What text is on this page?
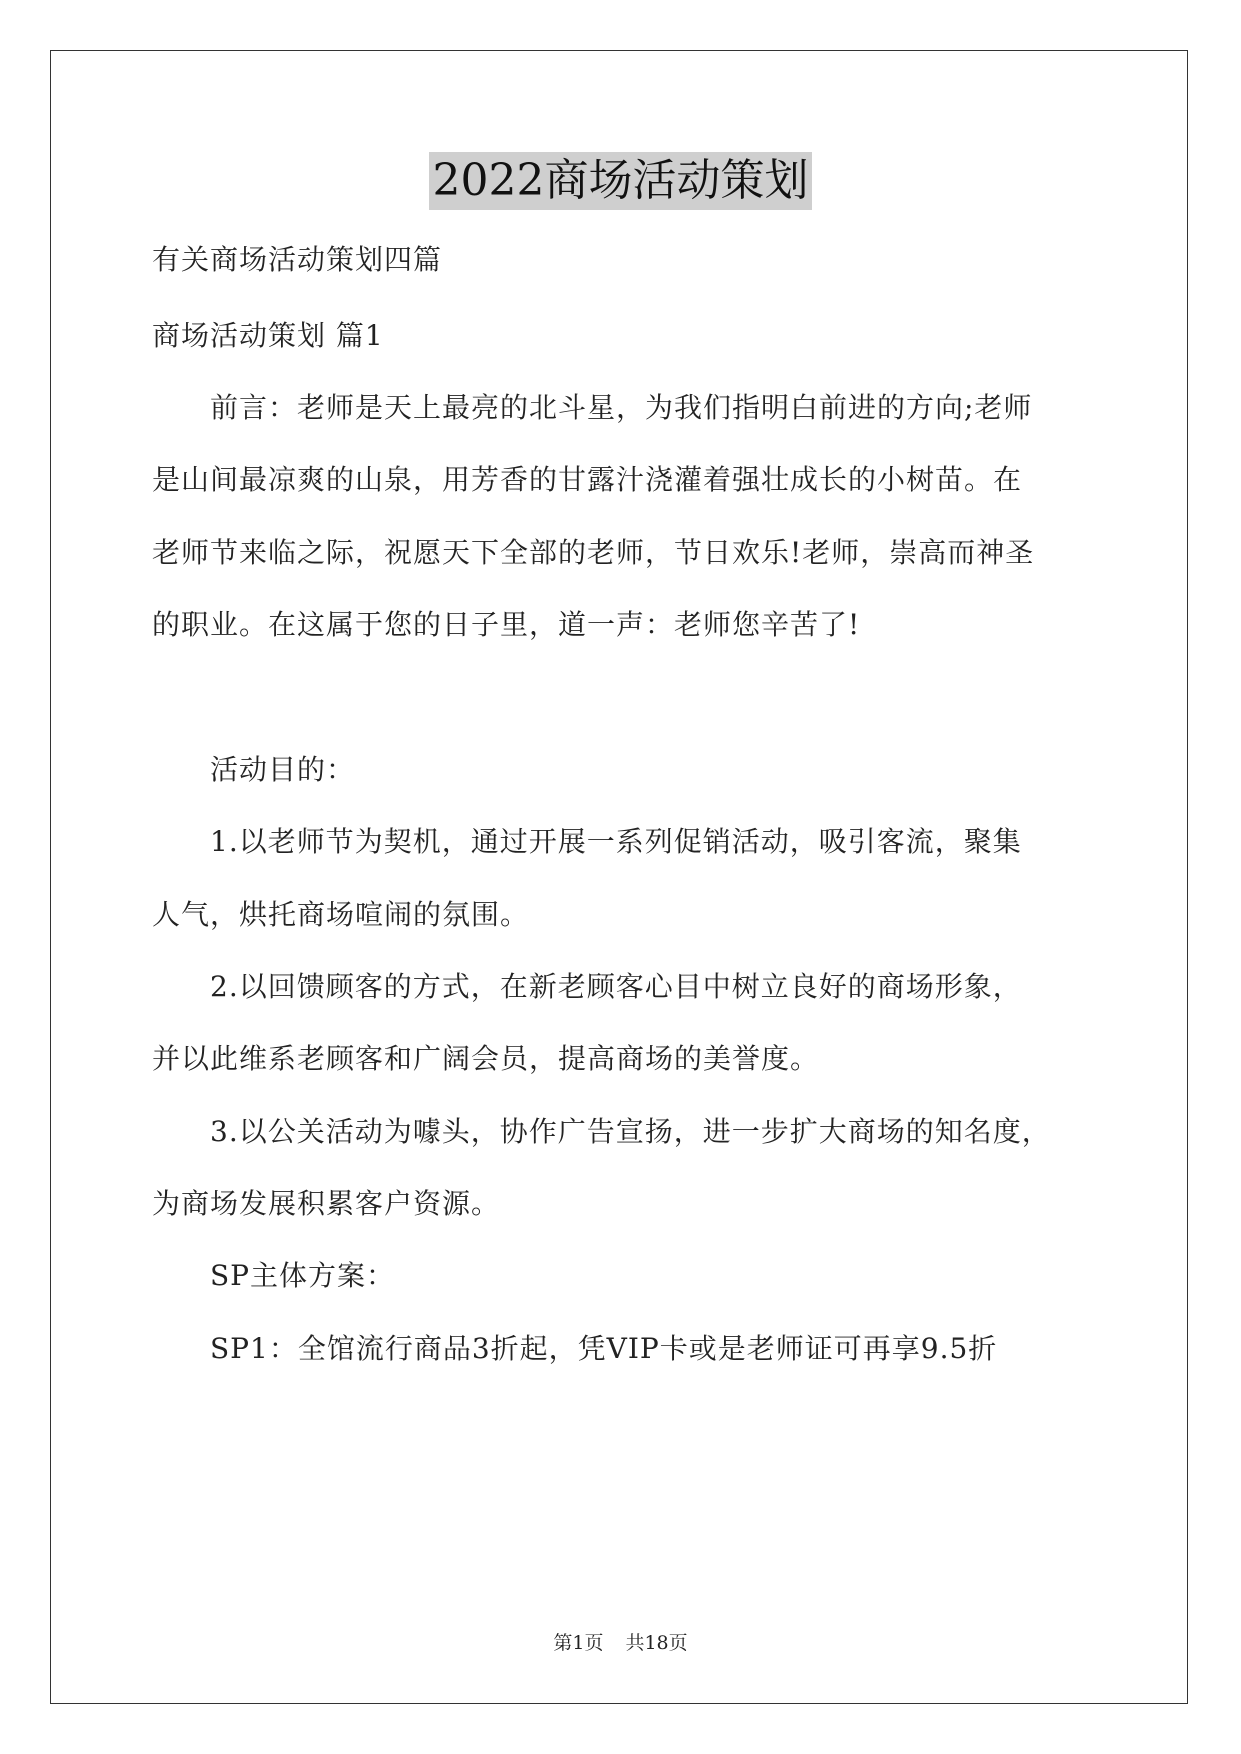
2022商场活动策划
有关商场活动策划四篇
商场活动策划 篇1
　　前言：老师是天上最亮的北斗星，为我们指明白前进的方向;老师
是山间最凉爽的山泉，用芳香的甘露汁浇灌着强壮成长的小树苗。在
老师节来临之际，祝愿天下全部的老师，节日欢乐!老师，崇高而神圣
的职业。在这属于您的日子里，道一声：老师您辛苦了!
　　活动目的：
　　1.以老师节为契机，通过开展一系列促销活动，吸引客流，聚集
人气，烘托商场喧闹的氛围。
　　2.以回馈顾客的方式，在新老顾客心目中树立良好的商场形象，
并以此维系老顾客和广阔会员，提高商场的美誉度。
　　3.以公关活动为噱头，协作广告宣扬，进一步扩大商场的知名度，
为商场发展积累客户资源。
　　SP主体方案：
　　SP1：全馆流行商品3折起，凭VIP卡或是老师证可再享9.5折
第1页 共18页
